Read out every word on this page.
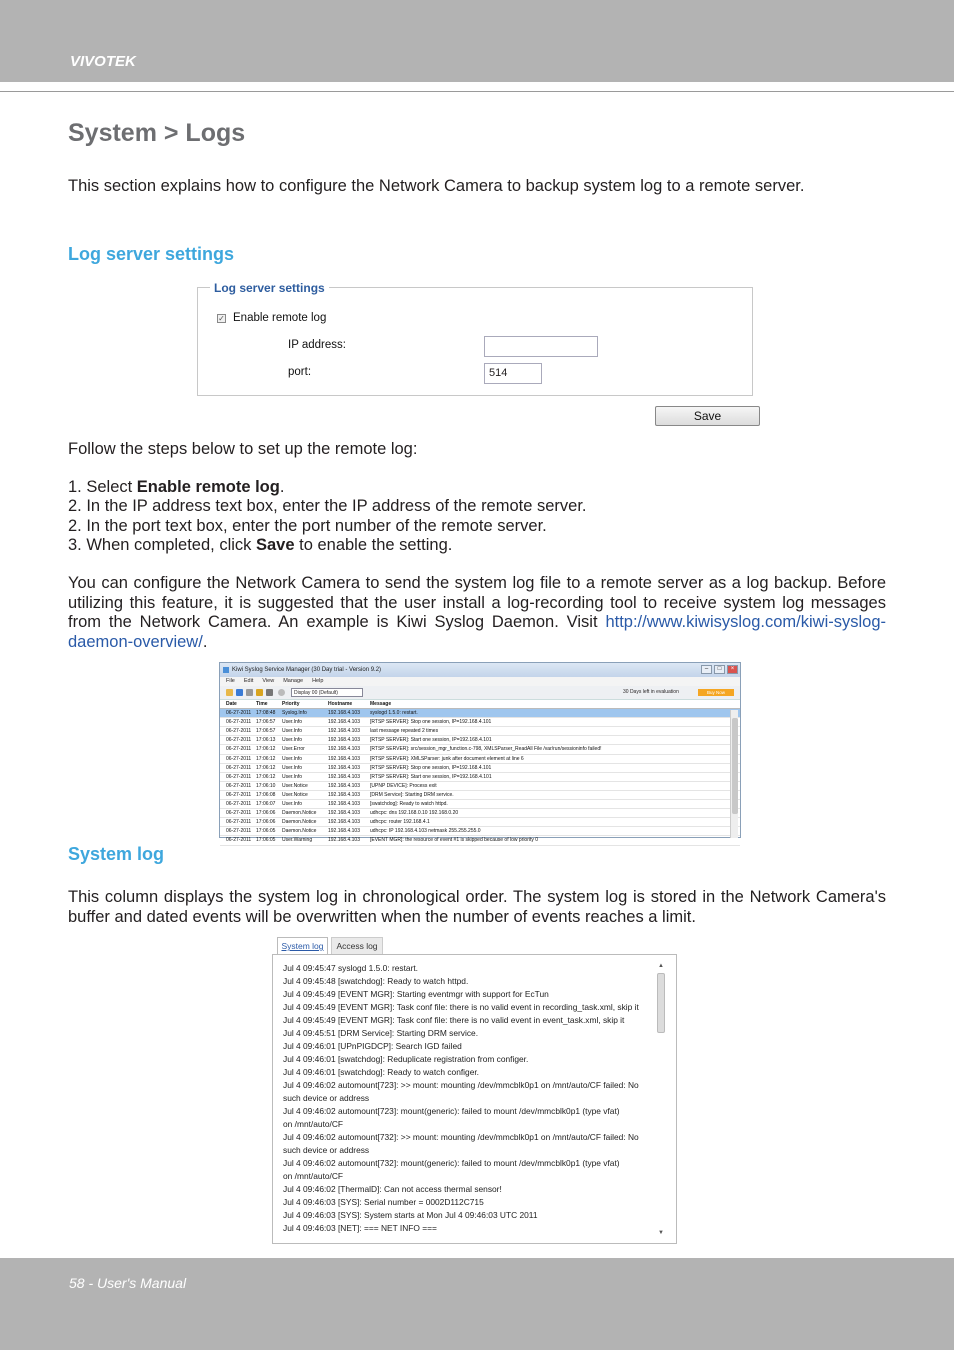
VIVOTEK
System > Logs
This section explains how to configure the Network Camera to backup system log to a remote server.
Log server settings
Log server settings
✓ Enable remote log
IP address:
port:	514
Save
Follow the steps below to set up the remote log:
1. Select Enable remote log.
2. In the IP address text box, enter the IP address of the remote server.
2. In the port text box, enter the port number of the remote server.
3. When completed, click Save to enable the setting.
You can configure the Network Camera to send the system log file to a remote server as a log backup. Before utilizing this feature, it is suggested that the user install a log-recording tool to receive system log messages from the Network Camera. An example is Kiwi Syslog Daemon. Visit http://www.kiwisyslog.com/kiwi-syslog-daemon-overview/.
Kiwi Syslog Service Manager (30 Day trial - Version 9.2)	–	□	×
File Edit View Manage Help
Display 00 (Default)	30 Days left in evaluation	Buy Now
Date	Time	Priority	Hostname	Message
06-27-2011 17:08:48	Syslog.Info	192.168.4.103	syslogd 1.5.0: restart.
06-27-2011 17:06:57	User.Info	192.168.4.103	[RTSP SERVER]: Stop one session, IP=192.168.4.101
06-27-2011 17:06:57	User.Info	192.168.4.103	last message repeated 2 times
06-27-2011 17:06:13	User.Info	192.168.4.103	[RTSP SERVER]: Start one session, IP=192.168.4.101
06-27-2011 17:06:12	User.Error	192.168.4.103	[RTSP SERVER]: src/session_mgr_function.c-798, XMLSParser_ReadAll File /var/run/sessioninfo failed!
06-27-2011 17:06:12	User.Info	192.168.4.103	[RTSP SERVER]: XMLSParser: junk after document element at line 6
06-27-2011 17:06:12	User.Info	192.168.4.103	[RTSP SERVER]: Stop one session, IP=192.168.4.101
06-27-2011 17:06:12	User.Info	192.168.4.103	[RTSP SERVER]: Start one session, IP=192.168.4.101
06-27-2011 17:06:10	User.Notice	192.168.4.103	[UPNP DEVICE]: Process exit
06-27-2011 17:06:08	User.Notice	192.168.4.103	[DRM Service]: Starting DRM service.
06-27-2011 17:06:07	User.Info	192.168.4.103	[swatchdog]: Ready to watch httpd.
06-27-2011 17:06:06	Daemon.Notice	192.168.4.103	udhcpc: dns 192.168.0.10 192.168.0.20
06-27-2011 17:06:06	Daemon.Notice	192.168.4.103	udhcpc: router 192.168.4.1
06-27-2011 17:06:05	Daemon.Notice	192.168.4.103	udhcpc: IP 192.168.4.103 netmask 255.255.255.0
06-27-2011 17:06:05	User.Warning	192.168.4.103	[EVENT MGR]: the resource of event #1 is skipped because of low priority 0
System log
This column displays the system log in chronological order. The system log is stored in the Network Camera's buffer and dated events will be overwritten when the number of events reaches a limit.
System log	Access log
Jul 4 09:45:47 syslogd 1.5.0: restart.
Jul 4 09:45:48 [swatchdog]: Ready to watch httpd.
Jul 4 09:45:49 [EVENT MGR]: Starting eventmgr with support for EcTun
Jul 4 09:45:49 [EVENT MGR]: Task conf file: there is no valid event in recording_task.xml, skip it
Jul 4 09:45:49 [EVENT MGR]: Task conf file: there is no valid event in event_task.xml, skip it
Jul 4 09:45:51 [DRM Service]: Starting DRM service.
Jul 4 09:46:01 [UPnPIGDCP]: Search IGD failed
Jul 4 09:46:01 [swatchdog]: Reduplicate registration from configer.
Jul 4 09:46:01 [swatchdog]: Ready to watch configer.
Jul 4 09:46:02 automount[723]: >> mount: mounting /dev/mmcblk0p1 on /mnt/auto/CF failed: No
such device or address
Jul 4 09:46:02 automount[723]: mount(generic): failed to mount /dev/mmcblk0p1 (type vfat)
on /mnt/auto/CF
Jul 4 09:46:02 automount[732]: >> mount: mounting /dev/mmcblk0p1 on /mnt/auto/CF failed: No
such device or address
Jul 4 09:46:02 automount[732]: mount(generic): failed to mount /dev/mmcblk0p1 (type vfat)
on /mnt/auto/CF
Jul 4 09:46:02 [ThermalD]: Can not access thermal sensor!
Jul 4 09:46:03 [SYS]: Serial number = 0002D112C715
Jul 4 09:46:03 [SYS]: System starts at Mon Jul 4 09:46:03 UTC 2011
Jul 4 09:46:03 [NET]: === NET INFO ===
▲
▼
58 - User's Manual
